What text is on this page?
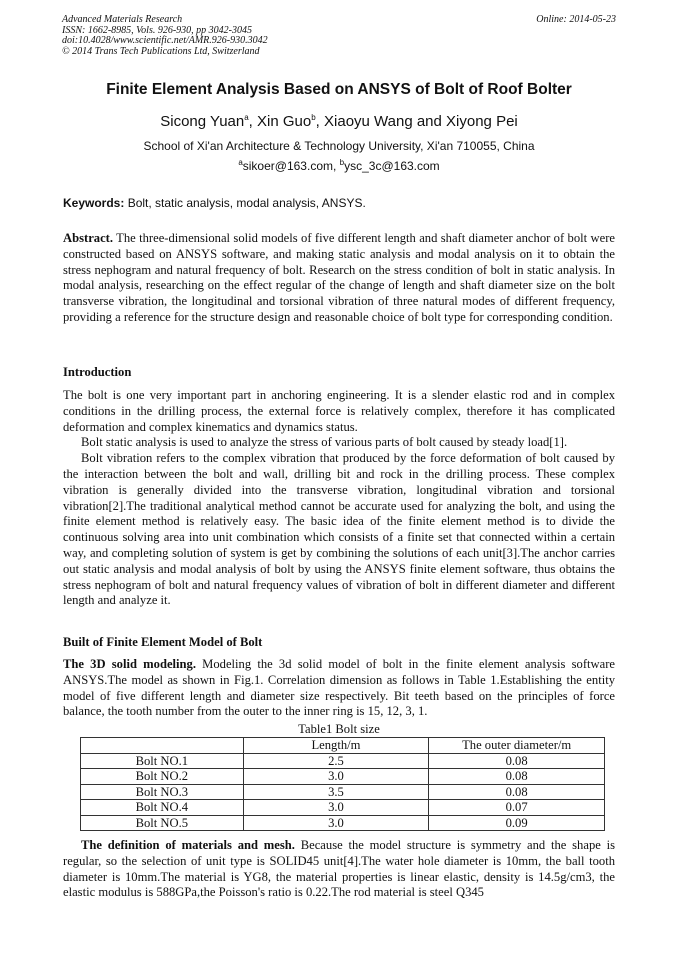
Advanced Materials Research
ISSN: 1662-8985, Vols. 926-930, pp 3042-3045
doi:10.4028/www.scientific.net/AMR.926-930.3042
© 2014 Trans Tech Publications Ltd, Switzerland
Online: 2014-05-23
Finite Element Analysis Based on ANSYS of Bolt of Roof Bolter
Sicong Yuan$^a$, Xin Guo$^b$, Xiaoyu Wang and Xiyong Pei
School of Xi'an Architecture & Technology University, Xi'an 710055, China
$^a$sikoer@163.com, $^b$ysc_3c@163.com
Keywords: Bolt, static analysis, modal analysis, ANSYS.

Abstract. The three-dimensional solid models of five different length and shaft diameter anchor of bolt were constructed based on ANSYS software, and making static analysis and modal analysis on it to obtain the stress nephogram and natural frequency of bolt. Research on the stress condition of bolt in static analysis. In modal analysis, researching on the effect regular of the change of length and shaft diameter size on the bolt transverse vibration, the longitudinal and torsional vibration of three natural modes of different frequency, providing a reference for the structure design and reasonable choice of bolt type for corresponding condition.

Introduction

The bolt is one very important part in anchoring engineering. It is a slender elastic rod and in complex conditions in the drilling process, the external force is relatively complex, therefore it has complicated deformation and complex kinematics and dynamics status.

Bolt static analysis is used to analyze the stress of various parts of bolt caused by steady load[1].

Bolt vibration refers to the complex vibration that produced by the force deformation of bolt caused by the interaction between the bolt and wall, drilling bit and rock in the drilling process. These complex vibration is generally divided into the transverse vibration, longitudinal vibration and torsional vibration[2].The traditional analytical method cannot be accurate used for analyzing the bolt, and using the finite element method is relatively easy. The basic idea of the finite element method is to divide the continuous solving area into unit combination which consists of a finite set that connected within a certain way, and completing solution of system is get by combining the solutions of each unit[3].The anchor carries out static analysis and modal analysis of bolt by using the ANSYS finite element software, thus obtains the stress nephogram of bolt and natural frequency values of vibration of bolt in different diameter and different length and analyze it.

Built of Finite Element Model of Bolt

The 3D solid modeling. Modeling the 3d solid model of bolt in the finite element analysis software ANSYS.The model as shown in Fig.1. Correlation dimension as follows in Table 1.Establishing the entity model of five different length and diameter size respectively. Bit teeth based on the principles of force balance, the tooth number from the outer to the inner ring is 15, 12, 3, 1.

Table1 Bolt size
	Length/m	The outer diameter/m
Bolt NO.1	2.5	0.08
Bolt NO.2	3.0	0.08
Bolt NO.3	3.5	0.08
Bolt NO.4	3.0	0.07
Bolt NO.5	3.0	0.09

The definition of materials and mesh. Because the model structure is symmetry and the shape is regular, so the selection of unit type is SOLID45 unit[4].The water hole diameter is 10mm, the ball tooth diameter is 10mm.The material is YG8, the material properties is linear elastic, density is 14.5g/cm3, the elastic modulus is 588GPa,the Poisson's ratio is 0.22.The rod material is steel Q345
